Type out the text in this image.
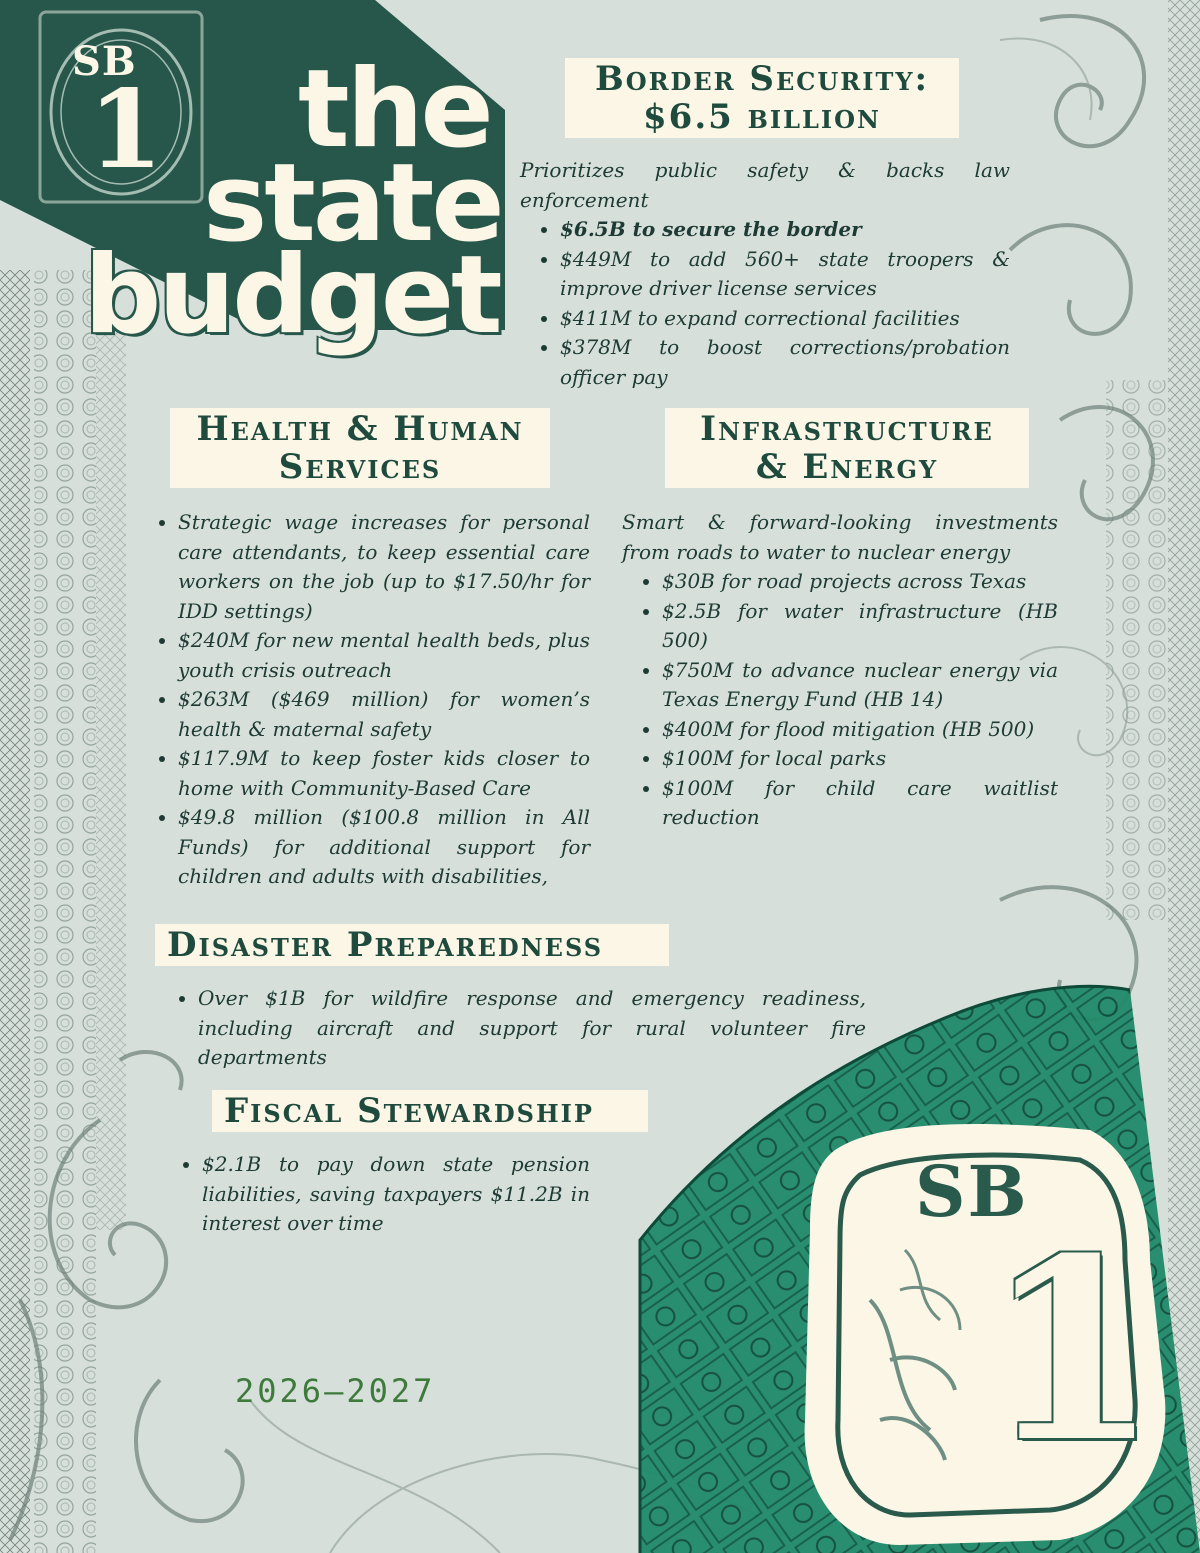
SB
1 the
state
budget
Border Security:
$6.5 billion

Prioritizes public safety & backs law enforcement

• $6.5B to secure the border
• $449M to add 560+ state troopers & improve driver license services
• $411M to expand correctional facilities
• $378M to boost corrections/probation officer pay
Health & Human
Services
• Strategic wage increases for personal care attendants, to keep essential care workers on the job (up to $17.50/hr for IDD settings)
• $240M for new mental health beds, plus youth crisis outreach
• $263M ($469 million) for women’s health & maternal safety
• $117.9M to keep foster kids closer to home with Community-Based Care
• $49.8 million ($100.8 million in All Funds) for additional support for children and adults with disabilities,
Infrastructure
& Energy

Smart & forward-looking investments from roads to water to nuclear energy

• $30B for road projects across Texas
• $2.5B for water infrastructure (HB 500)
• $750M to advance nuclear energy via Texas Energy Fund (HB 14)
• $400M for flood mitigation (HB 500)
• $100M for local parks
• $100M for child care waitlist reduction
Disaster Preparedness
• Over $1B for wildfire response and emergency readiness, including aircraft and support for rural volunteer fire departments
Fiscal Stewardship
• $2.1B to pay down state pension liabilities, saving taxpayers $11.2B in interest over time
2026–2027
SB
1
